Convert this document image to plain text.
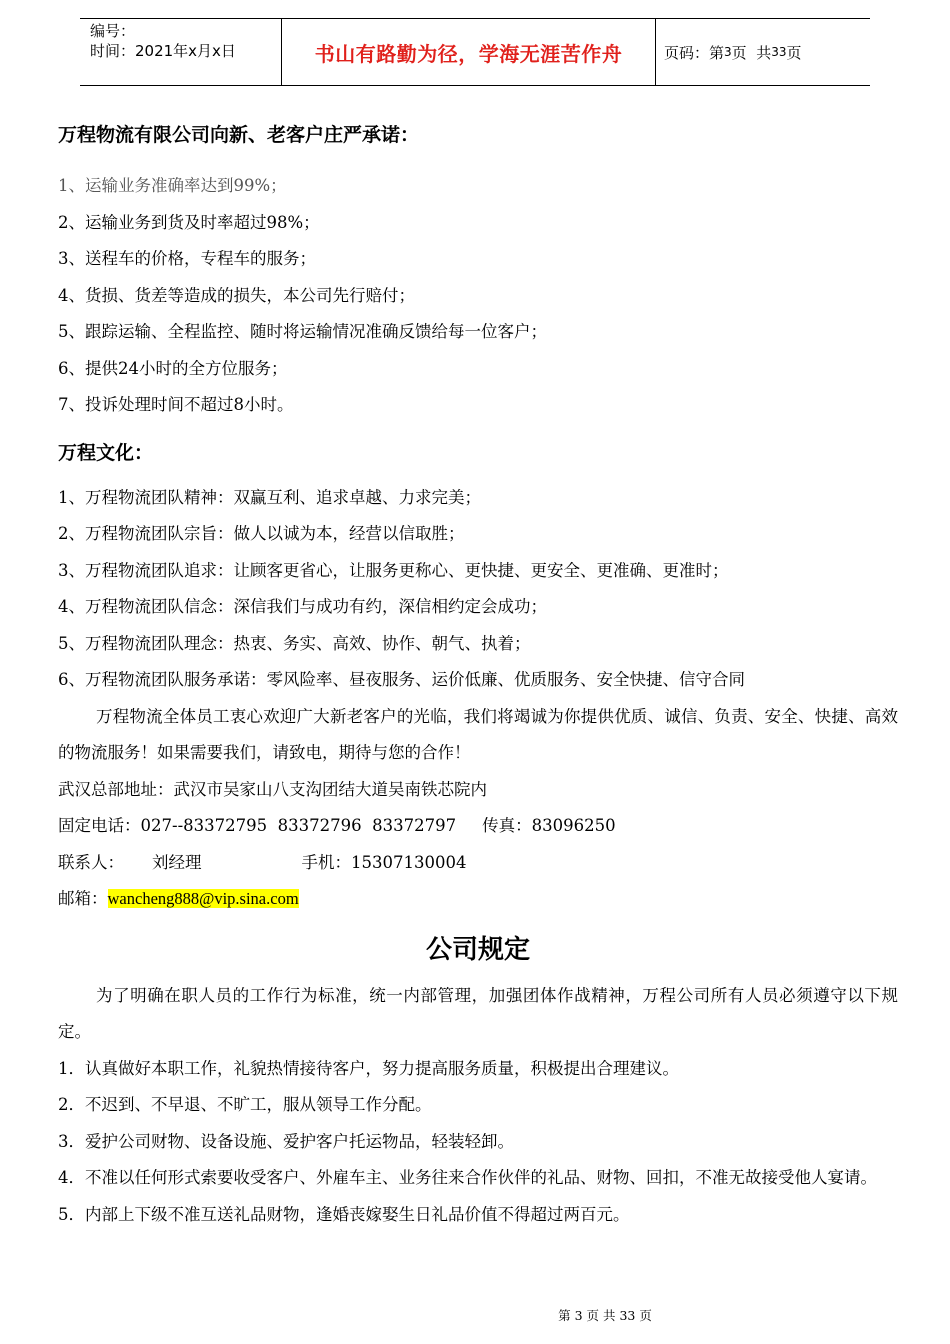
编号：
时间：2021年x月x日	书山有路勤为径，学海无涯苦作舟	页码：第 3 页  共 33 页
万程物流有限公司向新、老客户庄严承诺：
1、运输业务准确率达到99%；
2、运输业务到货及时率超过98%；
3、送程车的价格，专程车的服务；
4、货损、货差等造成的损失，本公司先行赔付；
5、跟踪运输、全程监控、随时将运输情况准确反馈给每一位客户；
6、提供24小时的全方位服务；
7、投诉处理时间不超过8小时。
万程文化：
1、万程物流团队精神：双赢互利、追求卓越、力求完美；
2、万程物流团队宗旨：做人以诚为本，经营以信取胜；
3、万程物流团队追求：让顾客更省心，让服务更称心、更快捷、更安全、更准确、更准时；
4、万程物流团队信念：深信我们与成功有约，深信相约定会成功；
5、万程物流团队理念：热衷、务实、高效、协作、朝气、执着；
6、万程物流团队服务承诺：零风险率、昼夜服务、运价低廉、优质服务、安全快捷、信守合同
万程物流全体员工衷心欢迎广大新老客户的光临，我们将竭诚为你提供优质、诚信、负责、安全、快捷、高效的物流服务！如果需要我们，请致电，期待与您的合作！
武汉总部地址：武汉市吴家山八支沟团结大道吴南铁芯院内
固定电话：027--83372795  83372796  83372797 传真：83096250
联系人： 刘经理	手机：15307130004
邮箱：wancheng888@vip.sina.com
公司规定
为了明确在职人员的工作行为标准，统一内部管理，加强团体作战精神，万程公司所有人员必须遵守以下规定。
1．认真做好本职工作，礼貌热情接待客户，努力提高服务质量，积极提出合理建议。
2．不迟到、不早退、不旷工，服从领导工作分配。
3．爱护公司财物、设备设施、爱护客户托运物品，轻装轻卸。
4．不准以任何形式索要收受客户、外雇车主、业务往来合作伙伴的礼品、财物、回扣，不准无故接受他人宴请。
5．内部上下级不准互送礼品财物，逢婚丧嫁娶生日礼品价值不得超过两百元。
第 3 页 共 33 页
